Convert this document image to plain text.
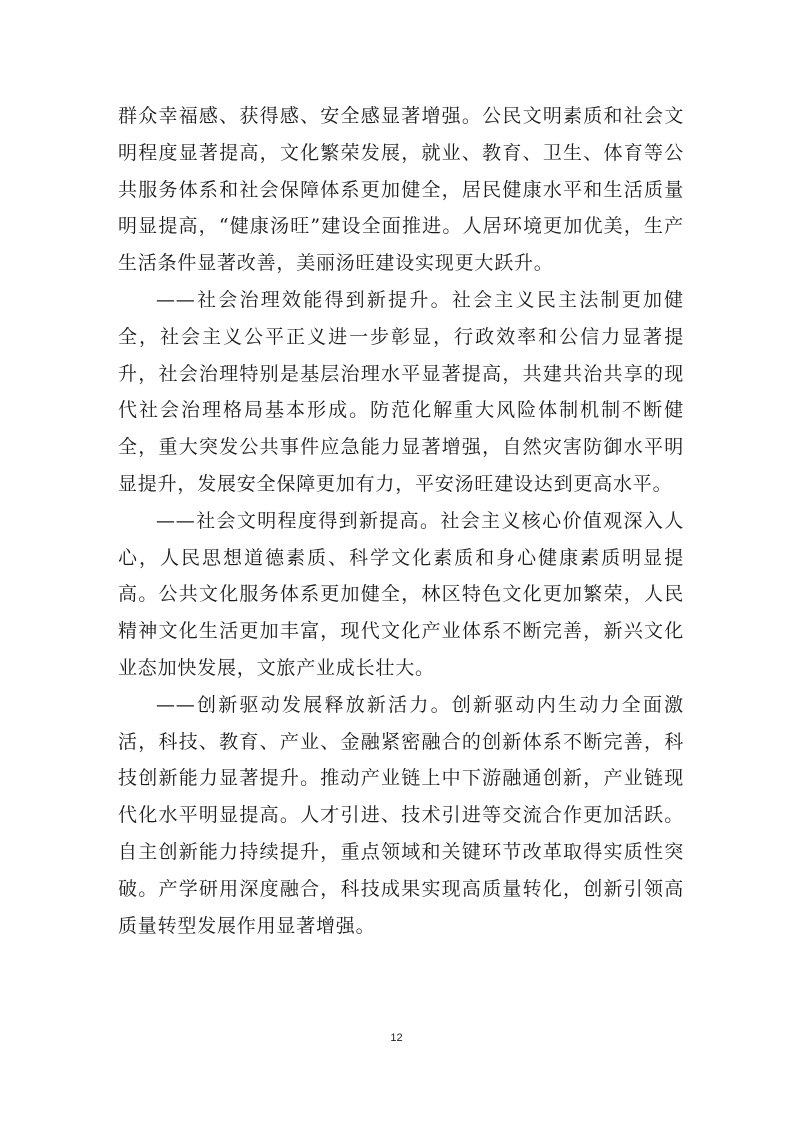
群众幸福感、获得感、安全感显著增强。公民文明素质和社会文明程度显著提高，文化繁荣发展，就业、教育、卫生、体育等公共服务体系和社会保障体系更加健全，居民健康水平和生活质量明显提高，“健康汤旺”建设全面推进。人居环境更加优美，生产生活条件显著改善，美丽汤旺建设实现更大跃升。

——社会治理效能得到新提升。社会主义民主法制更加健全，社会主义公平正义进一步彰显，行政效率和公信力显著提升，社会治理特别是基层治理水平显著提高，共建共治共享的现代社会治理格局基本形成。防范化解重大风险体制机制不断健全，重大突发公共事件应急能力显著增强，自然灾害防御水平明显提升，发展安全保障更加有力，平安汤旺建设达到更高水平。

——社会文明程度得到新提高。社会主义核心价值观深入人心，人民思想道德素质、科学文化素质和身心健康素质明显提高。公共文化服务体系更加健全，林区特色文化更加繁荣，人民精神文化生活更加丰富，现代文化产业体系不断完善，新兴文化业态加快发展，文旅产业成长壮大。

——创新驱动发展释放新活力。创新驱动内生动力全面激活，科技、教育、产业、金融紧密融合的创新体系不断完善，科技创新能力显著提升。推动产业链上中下游融通创新，产业链现代化水平明显提高。人才引进、技术引进等交流合作更加活跃。自主创新能力持续提升，重点领域和关键环节改革取得实质性突破。产学研用深度融合，科技成果实现高质量转化，创新引领高质量转型发展作用显著增强。

12
